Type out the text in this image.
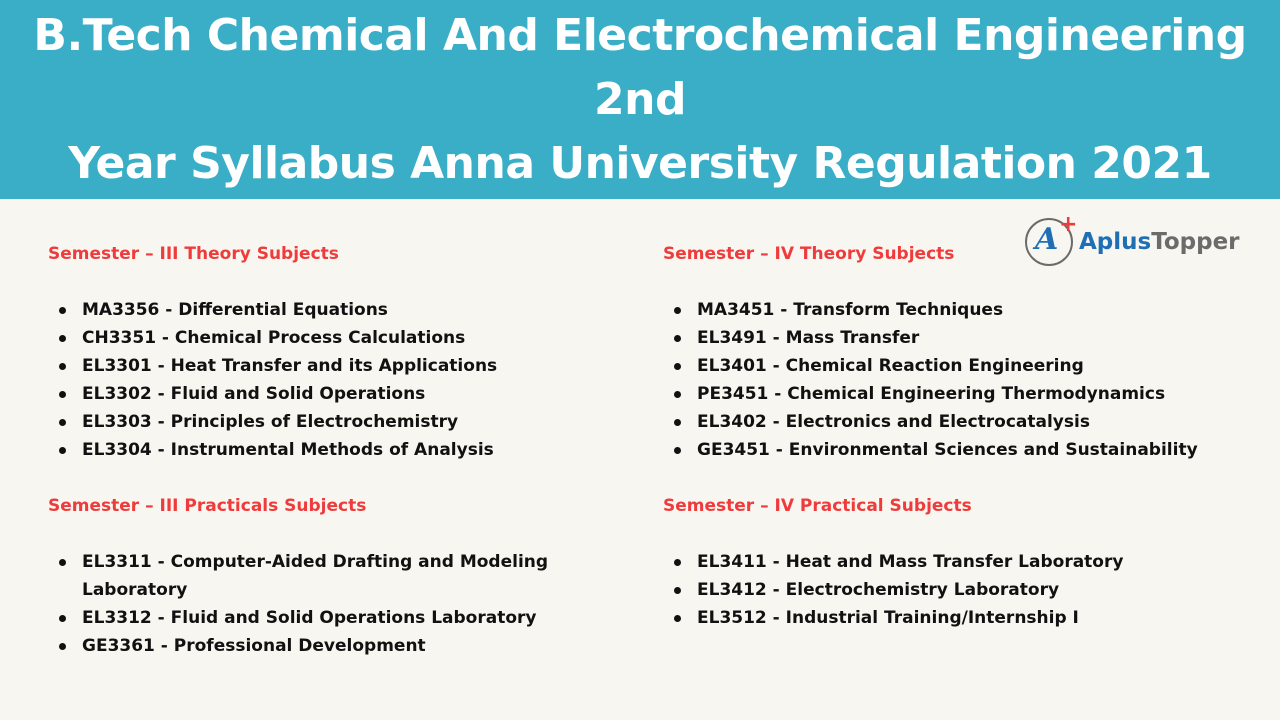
B.Tech Chemical And Electrochemical Engineering 2nd
Year Syllabus Anna University Regulation 2021
A +
AplusTopper
Semester – III Theory Subjects
MA3356 - Differential Equations
CH3351 - Chemical Process Calculations
EL3301 - Heat Transfer and its Applications
EL3302 - Fluid and Solid Operations
EL3303 - Principles of Electrochemistry
EL3304 - Instrumental Methods of Analysis
Semester – III Practicals Subjects
EL3311 - Computer-Aided Drafting and Modeling Laboratory
EL3312 - Fluid and Solid Operations Laboratory
GE3361 - Professional Development
Semester – IV Theory Subjects
MA3451 - Transform Techniques
EL3491 - Mass Transfer
EL3401 - Chemical Reaction Engineering
PE3451 - Chemical Engineering Thermodynamics
EL3402 - Electronics and Electrocatalysis
GE3451 - Environmental Sciences and Sustainability
Semester – IV Practical Subjects
EL3411 - Heat and Mass Transfer Laboratory
EL3412 - Electrochemistry Laboratory
EL3512 - Industrial Training/Internship I
